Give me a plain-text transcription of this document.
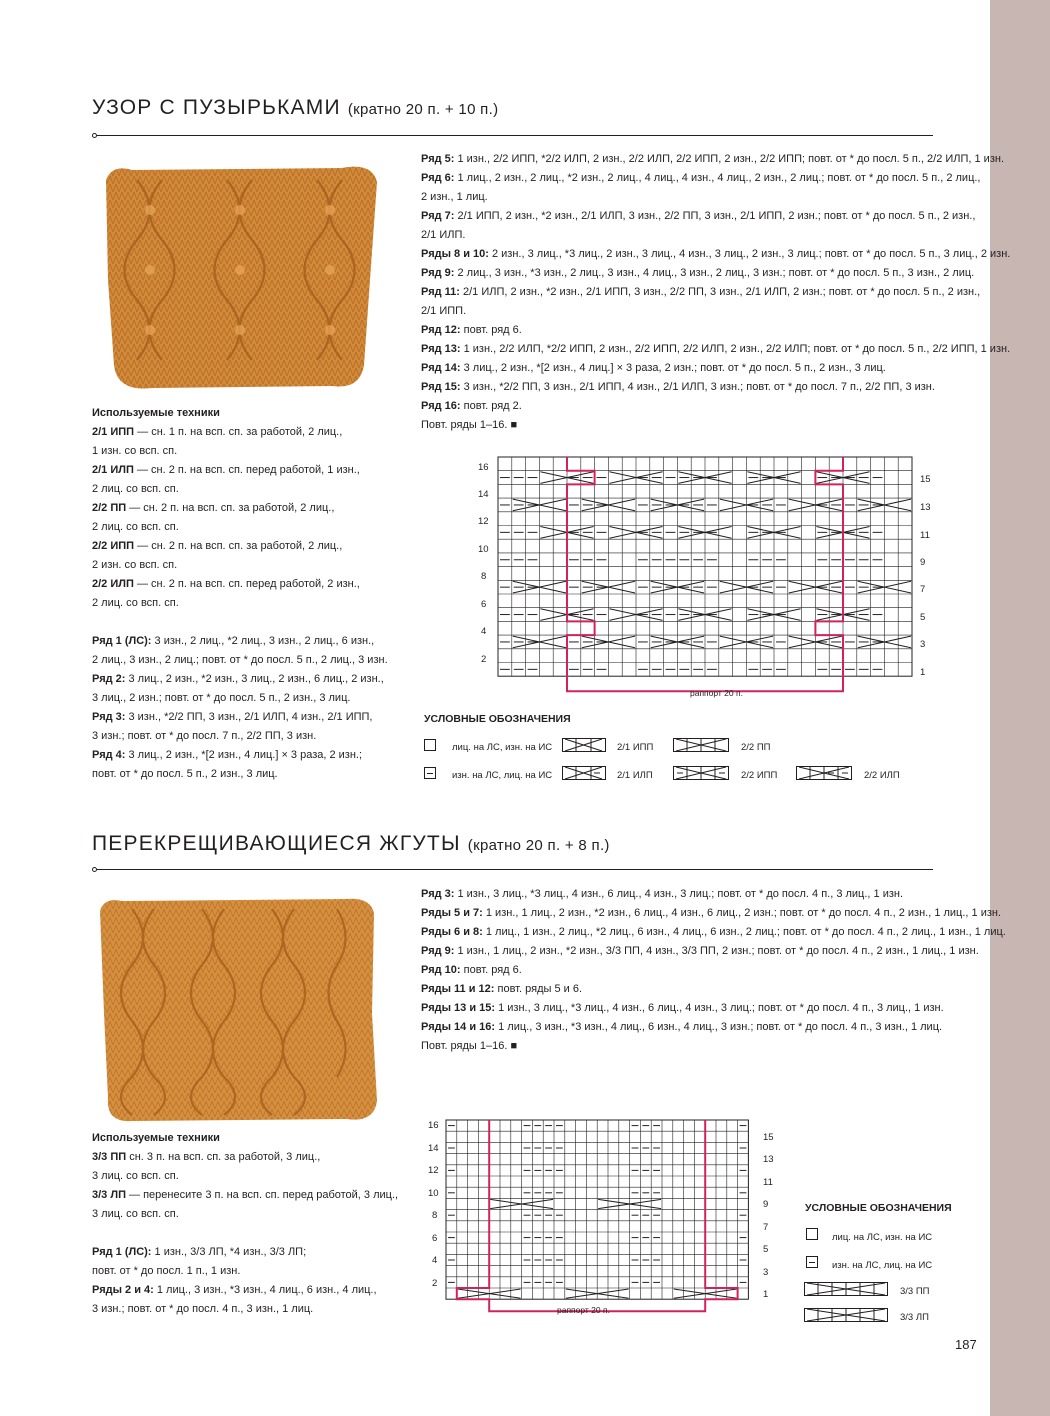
УЗОР С ПУЗЫРЬКАМИ (кратно 20 п. + 10 п.)

Используемые техники

2/1 ИПП — сн. 1 п. на всп. сп. за работой, 2 лиц.,

1 изн. со всп. сп.

2/1 ИЛП — сн. 2 п. на всп. сп. перед работой, 1 изн.,

2 лиц. со всп. сп.

2/2 ПП — сн. 2 п. на всп. сп. за работой, 2 лиц.,

2 лиц. со всп. сп.

2/2 ИПП — сн. 2 п. на всп. сп. за работой, 2 лиц.,

2 изн. со всп. сп.

2/2 ИЛП — сн. 2 п. на всп. сп. перед работой, 2 изн.,

2 лиц. со всп. сп.

Ряд 1 (ЛС): 3 изн., 2 лиц., *2 лиц., 3 изн., 2 лиц., 6 изн.,

2 лиц., 3 изн., 2 лиц.; повт. от * до посл. 5 п., 2 лиц., 3 изн.

Ряд 2: 3 лиц., 2 изн., *2 изн., 3 лиц., 2 изн., 6 лиц., 2 изн.,

3 лиц., 2 изн.; повт. от * до посл. 5 п., 2 изн., 3 лиц.

Ряд 3: 3 изн., *2/2 ПП, 3 изн., 2/1 ИЛП, 4 изн., 2/1 ИПП,

3 изн.; повт. от * до посл. 7 п., 2/2 ПП, 3 изн.

Ряд 4: 3 лиц., 2 изн., *[2 изн., 4 лиц.] × 3 раза, 2 изн.;

повт. от * до посл. 5 п., 2 изн., 3 лиц.

Ряд 5: 1 изн., 2/2 ИПП, *2/2 ИЛП, 2 изн., 2/2 ИЛП, 2/2 ИПП, 2 изн., 2/2 ИПП; повт. от * до посл. 5 п., 2/2 ИЛП, 1 изн.

Ряд 6: 1 лиц., 2 изн., 2 лиц., *2 изн., 2 лиц., 4 лиц., 4 изн., 4 лиц., 2 изн., 2 лиц.; повт. от * до посл. 5 п., 2 лиц.,

2 изн., 1 лиц.

Ряд 7: 2/1 ИПП, 2 изн., *2 изн., 2/1 ИЛП, 3 изн., 2/2 ПП, 3 изн., 2/1 ИПП, 2 изн.; повт. от * до посл. 5 п., 2 изн.,

2/1 ИЛП.

Ряды 8 и 10: 2 изн., 3 лиц., *3 лиц., 2 изн., 3 лиц., 4 изн., 3 лиц., 2 изн., 3 лиц.; повт. от * до посл. 5 п., 3 лиц., 2 изн.

Ряд 9: 2 лиц., 3 изн., *3 изн., 2 лиц., 3 изн., 4 лиц., 3 изн., 2 лиц., 3 изн.; повт. от * до посл. 5 п., 3 изн., 2 лиц.

Ряд 11: 2/1 ИЛП, 2 изн., *2 изн., 2/1 ИПП, 3 изн., 2/2 ПП, 3 изн., 2/1 ИЛП, 2 изн.; повт. от * до посл. 5 п., 2 изн.,

2/1 ИПП.

Ряд 12: повт. ряд 6.

Ряд 13: 1 изн., 2/2 ИЛП, *2/2 ИПП, 2 изн., 2/2 ИПП, 2/2 ИЛП, 2 изн., 2/2 ИЛП; повт. от * до посл. 5 п., 2/2 ИПП, 1 изн.

Ряд 14: 3 лиц., 2 изн., *[2 изн., 4 лиц.] × 3 раза, 2 изн.; повт. от * до посл. 5 п., 2 изн., 3 лиц.

Ряд 15: 3 изн., *2/2 ПП, 3 изн., 2/1 ИПП, 4 изн., 2/1 ИЛП, 3 изн.; повт. от * до посл. 7 п., 2/2 ПП, 3 изн.

Ряд 16: повт. ряд 2.

Повт. ряды 1–16. ■

16
14
12
10
8
6
4
2
15
13
11
9
7
5
3
1
раппорт 20 п.
УСЛОВНЫЕ ОБОЗНАЧЕНИЯ
лиц. на ЛС, изн. на ИС
изн. на ЛС, лиц. на ИС
2/1 ИПП	2/2 ПП
2/1 ИЛП	2/2 ИПП	2/2 ИЛП
ПЕРЕКРЕЩИВАЮЩИЕСЯ ЖГУТЫ (кратно 20 п. + 8 п.)

Используемые техники

3/3 ПП сн. 3 п. на всп. сп. за работой, 3 лиц.,

3 лиц. со всп. сп.

3/3 ЛП — перенесите 3 п. на всп. сп. перед работой, 3 лиц.,

3 лиц. со всп. сп.

Ряд 1 (ЛС): 1 изн., 3/3 ЛП, *4 изн., 3/3 ЛП;

повт. от * до посл. 1 п., 1 изн.

Ряды 2 и 4: 1 лиц., 3 изн., *3 изн., 4 лиц., 6 изн., 4 лиц.,

3 изн.; повт. от * до посл. 4 п., 3 изн., 1 лиц.

Ряд 3: 1 изн., 3 лиц., *3 лиц., 4 изн., 6 лиц., 4 изн., 3 лиц.; повт. от * до посл. 4 п., 3 лиц., 1 изн.

Ряды 5 и 7: 1 изн., 1 лиц., 2 изн., *2 изн., 6 лиц., 4 изн., 6 лиц., 2 изн.; повт. от * до посл. 4 п., 2 изн., 1 лиц., 1 изн.

Ряды 6 и 8: 1 лиц., 1 изн., 2 лиц., *2 лиц., 6 изн., 4 лиц., 6 изн., 2 лиц.; повт. от * до посл. 4 п., 2 лиц., 1 изн., 1 лиц.

Ряд 9: 1 изн., 1 лиц., 2 изн., *2 изн., 3/3 ПП, 4 изн., 3/3 ПП, 2 изн.; повт. от * до посл. 4 п., 2 изн., 1 лиц., 1 изн.

Ряд 10: повт. ряд 6.

Ряды 11 и 12: повт. ряды 5 и 6.

Ряды 13 и 15: 1 изн., 3 лиц., *3 лиц., 4 изн., 6 лиц., 4 изн., 3 лиц.; повт. от * до посл. 4 п., 3 лиц., 1 изн.

Ряды 14 и 16: 1 лиц., 3 изн., *3 изн., 4 лиц., 6 изн., 4 лиц., 3 изн.; повт. от * до посл. 4 п., 3 изн., 1 лиц.

Повт. ряды 1–16. ■

16
14
12
10
8
6
4
2
15
13
11
9
7
5
3
1
раппорт 20 п.
УСЛОВНЫЕ ОБОЗНАЧЕНИЯ
лиц. на ЛС, изн. на ИС
изн. на ЛС, лиц. на ИС
3/3 ПП
3/3 ЛП
187
